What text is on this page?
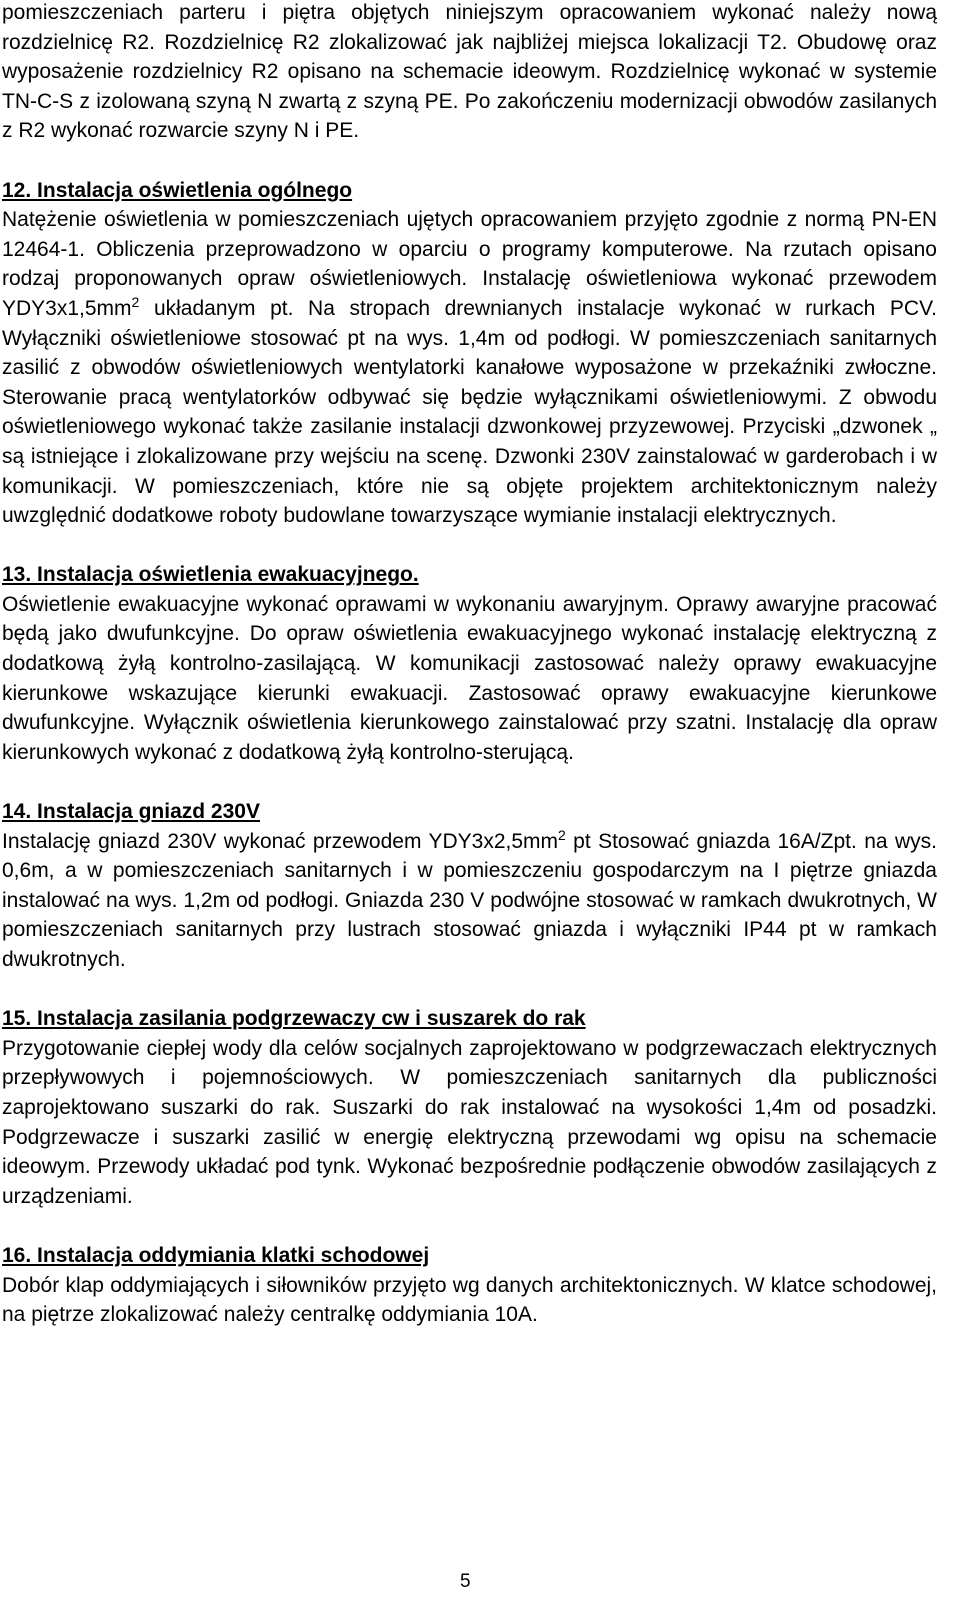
pomieszczeniach parteru i piętra objętych niniejszym opracowaniem wykonać należy nową rozdzielnicę R2. Rozdzielnicę R2 zlokalizować jak najbliżej miejsca lokalizacji T2. Obudowę oraz wyposażenie rozdzielnicy R2 opisano na schemacie ideowym. Rozdzielnicę wykonać w systemie TN-C-S z izolowaną szyną N zwartą z szyną PE. Po zakończeniu modernizacji obwodów zasilanych z R2 wykonać rozwarcie szyny N i PE.

12. Instalacja oświetlenia ogólnego

Natężenie oświetlenia w pomieszczeniach ujętych opracowaniem przyjęto zgodnie z normą PN-EN 12464-1. Obliczenia przeprowadzono w oparciu o programy komputerowe. Na rzutach opisano rodzaj proponowanych opraw oświetleniowych. Instalację oświetleniowa wykonać przewodem $YDY3x1,5mm^2$ układanym pt. Na stropach drewnianych instalacje wykonać w rurkach PCV. Wyłączniki oświetleniowe stosować pt na wys. 1,4m od podłogi. W pomieszczeniach sanitarnych zasilić z obwodów oświetleniowych wentylatorki kanałowe wyposażone w przekaźniki zwłoczne. Sterowanie pracą wentylatorków odbywać się będzie wyłącznikami oświetleniowymi. Z obwodu oświetleniowego wykonać także zasilanie instalacji dzwonkowej przyzewowej. Przyciski „dzwonek „ są istniejące i zlokalizowane przy wejściu na scenę. Dzwonki 230V zainstalować w garderobach i w komunikacji. W pomieszczeniach, które nie są objęte projektem architektonicznym należy uwzględnić dodatkowe roboty budowlane towarzyszące wymianie instalacji elektrycznych.

13. Instalacja oświetlenia ewakuacyjnego.

Oświetlenie ewakuacyjne wykonać oprawami w wykonaniu awaryjnym. Oprawy awaryjne pracować będą jako dwufunkcyjne. Do opraw oświetlenia ewakuacyjnego wykonać instalację elektryczną z dodatkową żyłą kontrolno-zasilającą. W komunikacji zastosować należy oprawy ewakuacyjne kierunkowe wskazujące kierunki ewakuacji. Zastosować oprawy ewakuacyjne kierunkowe dwufunkcyjne. Wyłącznik oświetlenia kierunkowego zainstalować przy szatni. Instalację dla opraw kierunkowych wykonać z dodatkową żyłą kontrolno-sterującą.

14. Instalacja gniazd 230V

Instalację gniazd 230V wykonać przewodem $YDY3x2,5mm^2$ pt Stosować gniazda 16A/Zpt. na wys. 0,6m, a w pomieszczeniach sanitarnych i w pomieszczeniu gospodarczym na I piętrze gniazda instalować na wys. 1,2m od podłogi. Gniazda 230 V podwójne stosować w ramkach dwukrotnych, W pomieszczeniach sanitarnych przy lustrach stosować gniazda i wyłączniki IP44 pt w ramkach dwukrotnych.

15. Instalacja zasilania podgrzewaczy cw i suszarek do rak

Przygotowanie ciepłej wody dla celów socjalnych zaprojektowano w podgrzewaczach elektrycznych przepływowych i pojemnościowych. W pomieszczeniach sanitarnych dla publiczności zaprojektowano suszarki do rak. Suszarki do rak instalować na wysokości 1,4m od posadzki. Podgrzewacze i suszarki zasilić w energię elektryczną przewodami wg opisu na schemacie ideowym. Przewody układać pod tynk. Wykonać bezpośrednie podłączenie obwodów zasilających z urządzeniami.

16. Instalacja oddymiania klatki schodowej

Dobór klap oddymiających i siłowników przyjęto wg danych architektonicznych. W klatce schodowej, na piętrze zlokalizować należy centralkę oddymiania 10A.

5
